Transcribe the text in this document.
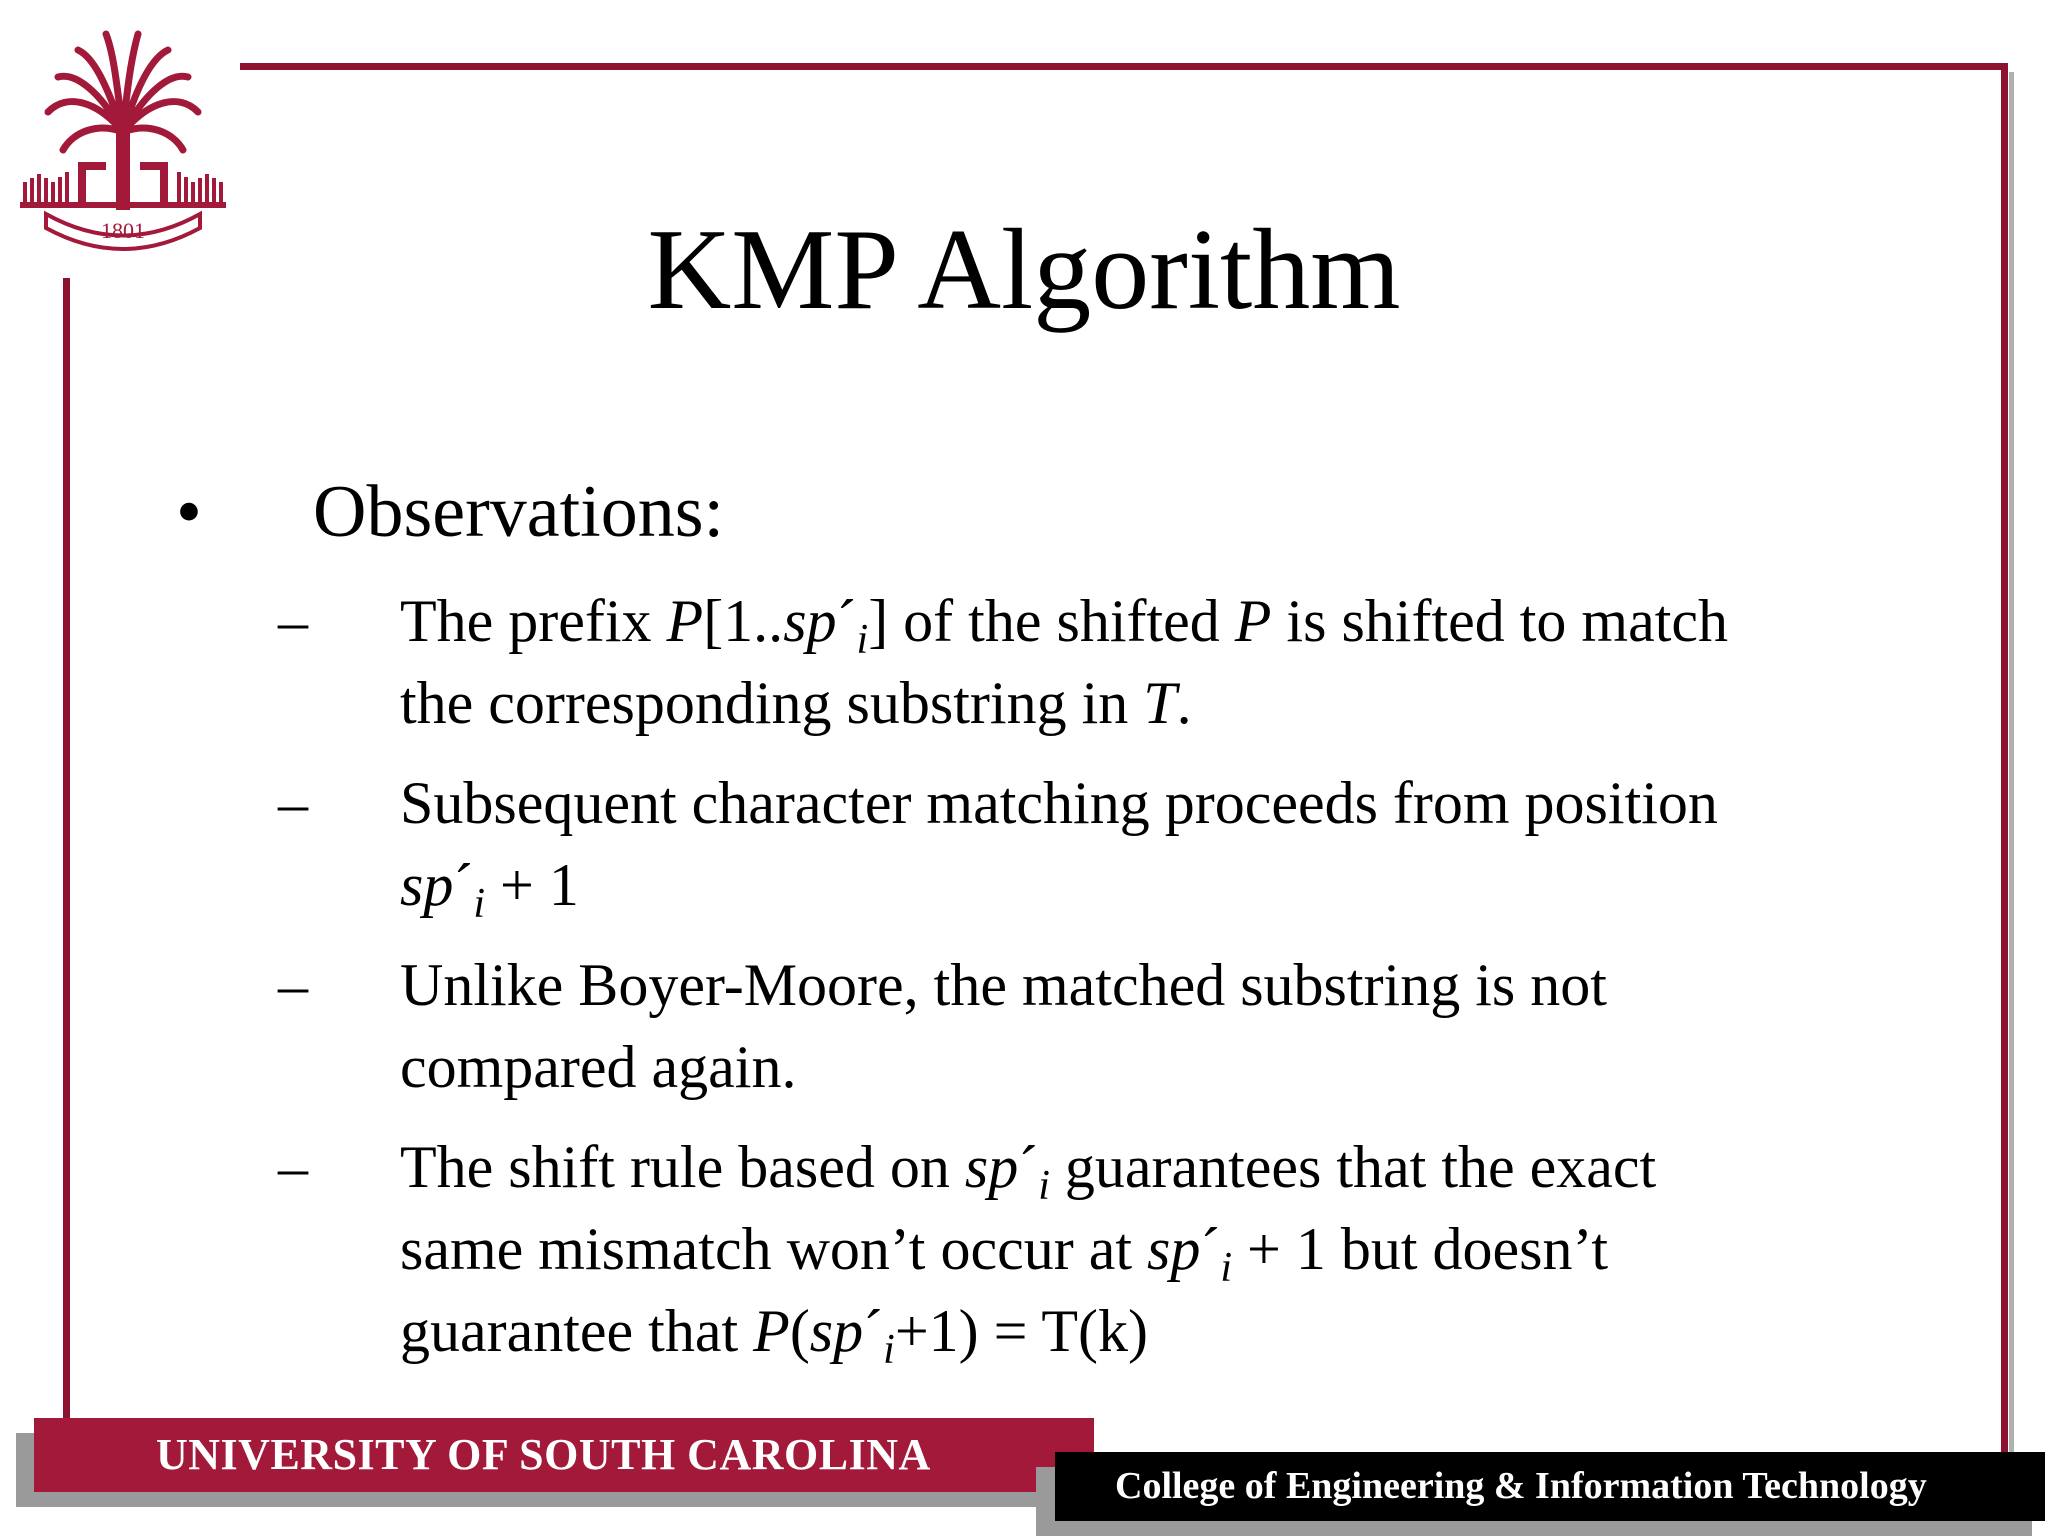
1801	KMP Algorithm
• Observations:
– The prefix $P[1..sp´_i]$ of the shifted P is shifted to match
the corresponding substring in T.
– Subsequent character matching proceeds from position
$sp´_i + 1$
– Unlike Boyer-Moore, the matched substring is not
compared again.
– The shift rule based on $sp´_i$ guarantees that the exact
same mismatch won’t occur at $sp´_i + 1$ but doesn’t
guarantee that $P(sp´_i+1) = T(k)$
UNIVERSITY OF SOUTH CAROLINA
College of Engineering & Information Technology
